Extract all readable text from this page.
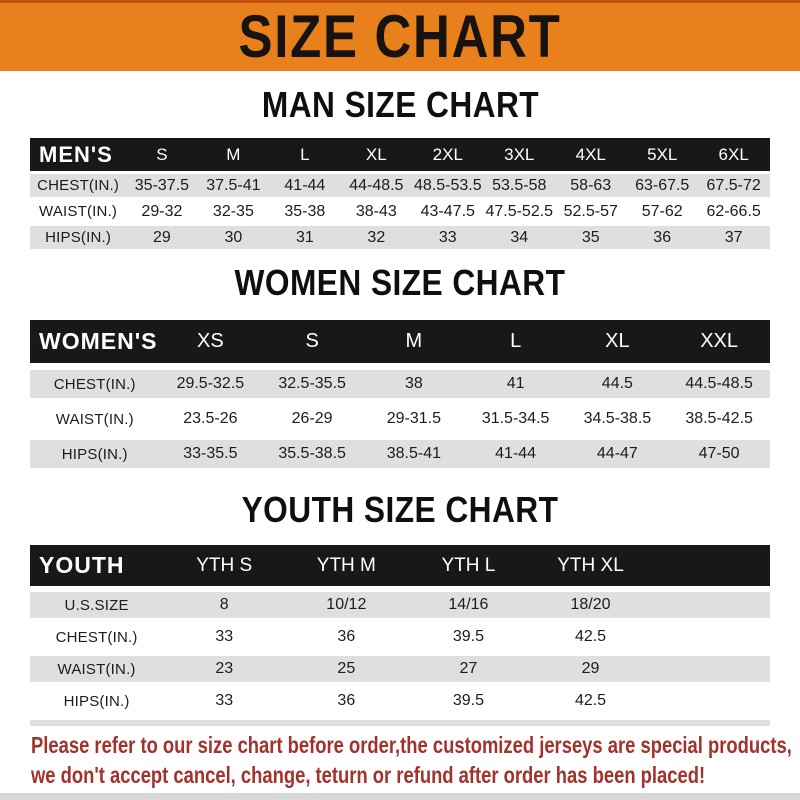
SIZE CHART
MAN SIZE CHART
MEN'S	S	M	L	XL	2XL	3XL	4XL	5XL	6XL
CHEST(IN.) 35-37.5	37.5-41	41-44	44-48.5 48.5-53.5 53.5-58	58-63	63-67.5	67.5-72
WAIST(IN.)	29-32	32-35	35-38	38-43	43-47.5 47.5-52.5 52.5-57	57-62	62-66.5
HIPS(IN.)	29	30	31	32	33	34	35	36	37
WOMEN SIZE CHART
WOMEN'S	XS	S	M	L	XL	XXL
CHEST(IN.)	29.5-32.5	32.5-35.5	38	41	44.5	44.5-48.5
WAIST(IN.)	23.5-26	26-29	29-31.5	31.5-34.5	34.5-38.5	38.5-42.5
HIPS(IN.)	33-35.5	35.5-38.5	38.5-41	41-44	44-47	47-50
YOUTH SIZE CHART
YOUTH	YTH S	YTH M	YTH L	YTH XL
U.S.SIZE	8	10/12	14/16	18/20
CHEST(IN.)	33	36	39.5	42.5
WAIST(IN.)	23	25	27	29
HIPS(IN.)	33	36	39.5	42.5
Please refer to our size chart before order,the customized jerseys are special products,
we don't accept cancel, change, teturn or refund after order has been placed!
